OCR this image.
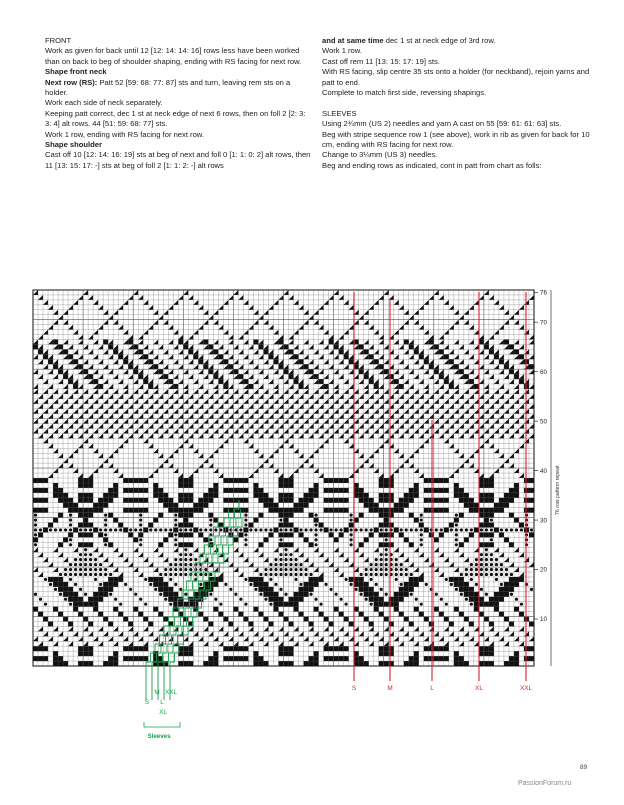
FRONT

Work as given for back until 12 [12: 14: 14: 16] rows less have been worked than on back to beg of shoulder shaping, ending with RS facing for next row.

Shape front neck

Next row (RS): Patt 52 [59: 68: 77: 87] sts and turn, leaving rem sts on a holder.

Work each side of neck separately.

Keeping patt correct, dec 1 st at neck edge of next 6 rows, then on foll 2 [2: 3: 3: 4] alt rows. 44 [51: 59: 68: 77] sts.

Work 1 row, ending with RS facing for next row.

Shape shoulder

Cast off 10 [12: 14: 16: 19] sts at beg of next and foll 0 [1: 1: 0: 2] alt rows, then 11 [13: 15: 17: -] sts at beg of foll 2 [1: 1: 2: -] alt rows

and at same time dec 1 st at neck edge of 3rd row.

Work 1 row.

Cast off rem 11 [13: 15: 17: 19] sts.

With RS facing, slip centre 35 sts onto a holder (for neckband), rejoin yarns and patt to end.

Complete to match first side, reversing shapings.

SLEEVES

Using 2¾mm (US 2) needles and yarn A cast on 55 [59: 61: 61: 63] sts.

Beg with stripe sequence row 1 (see above), work in rib as given for back for 10 cm, ending with RS facing for next row.

Change to 3¼mm (US 3) needles.

Beg and ending rows as indicated, cont in patt from chart as folls:

76
70
60
50
40
30
20
10
76 row pattern repeat
S	M	L	XL	XXL
S
M XXL
L
XL
Sleeves
89
PassionForum.ru
